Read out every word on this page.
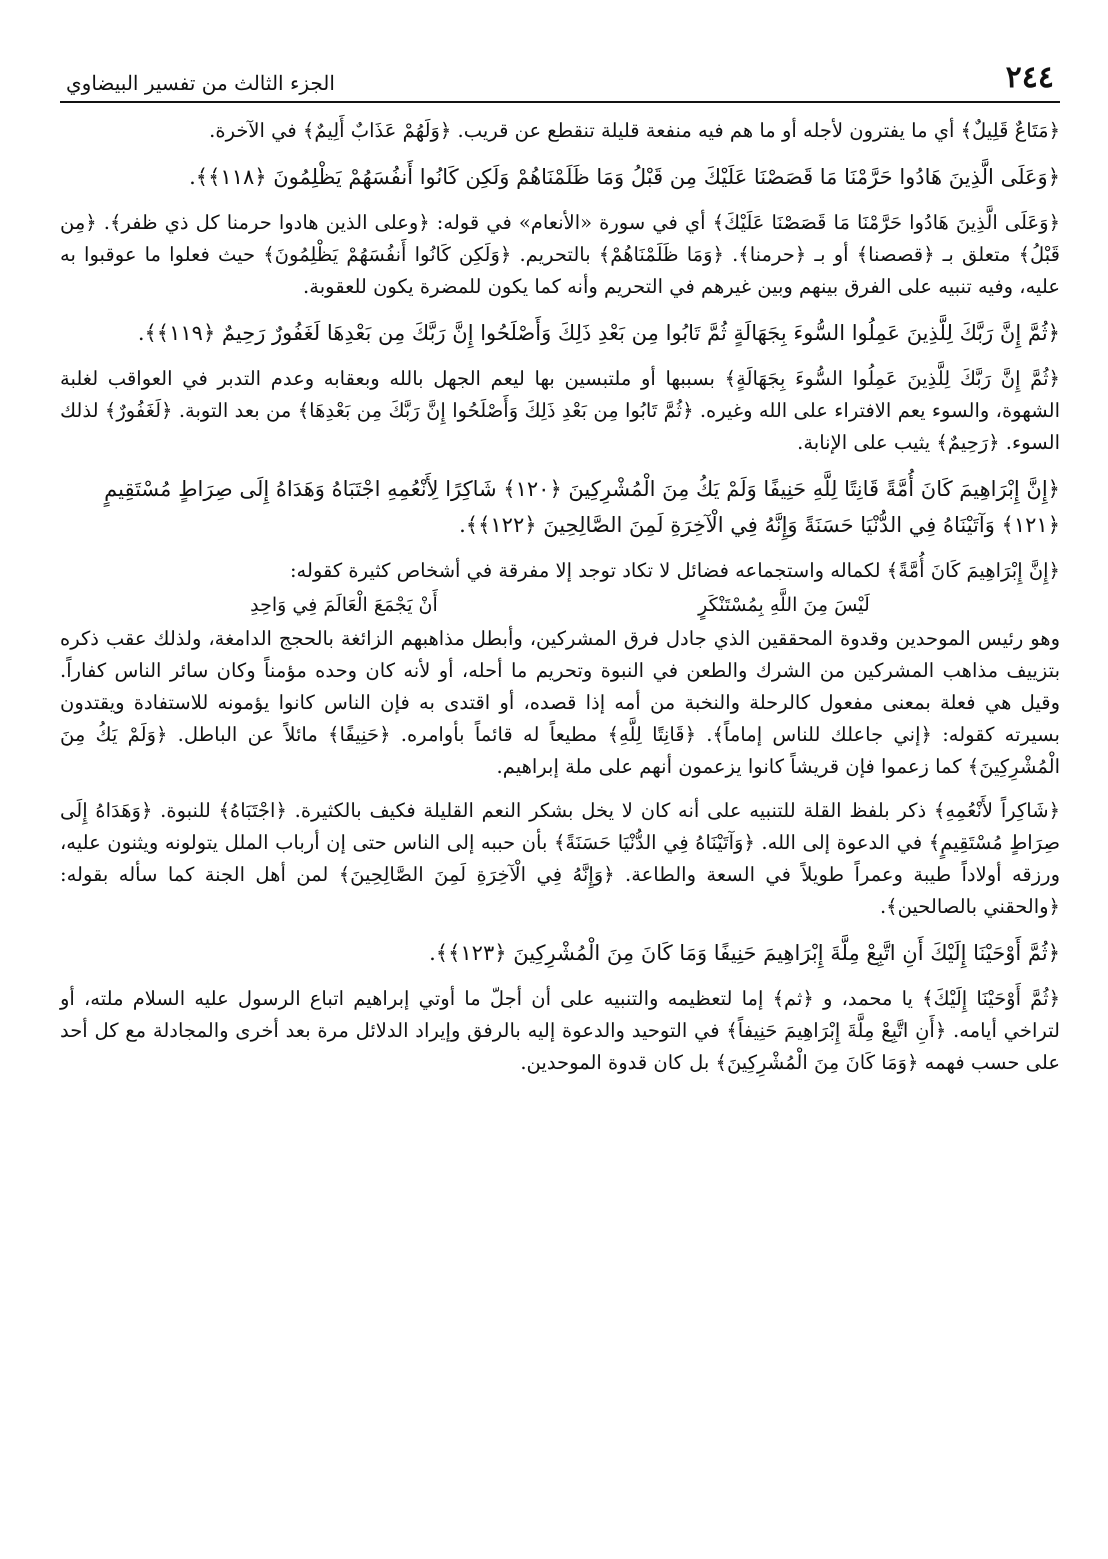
٢٤٤
الجزء الثالث من تفسير البيضاوي

﴿مَتَاعٌ قَلِيلٌ﴾ أي ما يفترون لأجله أو ما هم فيه منفعة قليلة تنقطع عن قريب. ﴿وَلَهُمْ عَذَابٌ أَلِيمٌ﴾ في الآخرة.

﴿وَعَلَى الَّذِينَ هَادُوا حَرَّمْنَا مَا قَصَصْنَا عَلَيْكَ مِن قَبْلُ وَمَا ظَلَمْنَاهُمْ وَلَكِن كَانُوا أَنفُسَهُمْ يَظْلِمُونَ ﴿١١٨﴾﴾.

﴿وَعَلَى الَّذِينَ هَادُوا حَرَّمْنَا مَا قَصَصْنَا عَلَيْكَ﴾ أي في سورة «الأنعام» في قوله: ﴿وعلى الذين هادوا حرمنا كل ذي ظفر﴾. ﴿مِن قَبْلُ﴾ متعلق بـ ﴿قصصنا﴾ أو بـ ﴿حرمنا﴾. ﴿وَمَا ظَلَمْنَاهُمْ﴾ بالتحريم. ﴿وَلَكِن كَانُوا أَنفُسَهُمْ يَظْلِمُونَ﴾ حيث فعلوا ما عوقبوا به عليه، وفيه تنبيه على الفرق بينهم وبين غيرهم في التحريم وأنه كما يكون للمضرة يكون للعقوبة.

﴿ثُمَّ إِنَّ رَبَّكَ لِلَّذِينَ عَمِلُوا السُّوءَ بِجَهَالَةٍ ثُمَّ تَابُوا مِن بَعْدِ ذَلِكَ وَأَصْلَحُوا إِنَّ رَبَّكَ مِن بَعْدِهَا لَغَفُورٌ رَحِيمٌ ﴿١١٩﴾﴾.

﴿ثُمَّ إِنَّ رَبَّكَ لِلَّذِينَ عَمِلُوا السُّوءَ بِجَهَالَةٍ﴾ بسببها أو ملتبسين بها ليعم الجهل بالله وبعقابه وعدم التدبر في العواقب لغلبة الشهوة، والسوء يعم الافتراء على الله وغيره. ﴿ثُمَّ تَابُوا مِن بَعْدِ ذَلِكَ وَأَصْلَحُوا إِنَّ رَبَّكَ مِن بَعْدِهَا﴾ من بعد التوبة. ﴿لَغَفُورٌ﴾ لذلك السوء. ﴿رَحِيمٌ﴾ يثيب على الإنابة.

﴿إِنَّ إِبْرَاهِيمَ كَانَ أُمَّةً قَانِتًا لِلَّهِ حَنِيفًا وَلَمْ يَكُ مِنَ الْمُشْرِكِينَ ﴿١٢٠﴾ شَاكِرًا لِأَنْعُمِهِ اجْتَبَاهُ وَهَدَاهُ إِلَى صِرَاطٍ مُسْتَقِيمٍ ﴿١٢١﴾ وَآتَيْنَاهُ فِي الدُّنْيَا حَسَنَةً وَإِنَّهُ فِي الْآخِرَةِ لَمِنَ الصَّالِحِينَ ﴿١٢٢﴾﴾.

﴿إِنَّ إِبْرَاهِيمَ كَانَ أُمَّةً﴾ لكماله واستجماعه فضائل لا تكاد توجد إلا مفرقة في أشخاص كثيرة كقوله:

لَيْسَ مِنَ اللَّهِ بِمُسْتَنْكَرٍ
أَنْ يَجْمَعَ الْعَالَمَ فِي وَاحِدِ

وهو رئيس الموحدين وقدوة المحققين الذي جادل فرق المشركين، وأبطل مذاهبهم الزائغة بالحجج الدامغة، ولذلك عقب ذكره بتزييف مذاهب المشركين من الشرك والطعن في النبوة وتحريم ما أحله، أو لأنه كان وحده مؤمناً وكان سائر الناس كفاراً. وقيل هي فعلة بمعنى مفعول كالرحلة والنخبة من أمه إذا قصده، أو اقتدى به فإن الناس كانوا يؤمونه للاستفادة ويقتدون بسيرته كقوله: ﴿إني جاعلك للناس إماماً﴾. ﴿قَانِتًا لِلَّهِ﴾ مطيعاً له قائماً بأوامره. ﴿حَنِيفًا﴾ مائلاً عن الباطل. ﴿وَلَمْ يَكُ مِنَ الْمُشْرِكِينَ﴾ كما زعموا فإن قريشاً كانوا يزعمون أنهم على ملة إبراهيم.

﴿شَاكِراً لأَنْعُمِهِ﴾ ذكر بلفظ القلة للتنبيه على أنه كان لا يخل بشكر النعم القليلة فكيف بالكثيرة. ﴿اجْتَبَاهُ﴾ للنبوة. ﴿وَهَدَاهُ إِلَى صِرَاطٍ مُسْتَقِيمٍ﴾ في الدعوة إلى الله. ﴿وَآتَيْنَاهُ فِي الدُّنْيَا حَسَنَةً﴾ بأن حببه إلى الناس حتى إن أرباب الملل يتولونه ويثنون عليه، ورزقه أولاداً طيبة وعمراً طويلاً في السعة والطاعة. ﴿وَإِنَّهُ فِي الْآخِرَةِ لَمِنَ الصَّالِحِينَ﴾ لمن أهل الجنة كما سأله بقوله: ﴿والحقني بالصالحين﴾.

﴿ثُمَّ أَوْحَيْنَا إِلَيْكَ أَنِ اتَّبِعْ مِلَّةَ إِبْرَاهِيمَ حَنِيفًا وَمَا كَانَ مِنَ الْمُشْرِكِينَ ﴿١٢٣﴾﴾.

﴿ثُمَّ أَوْحَيْنَا إِلَيْكَ﴾ يا محمد، و ﴿ثم﴾ إما لتعظيمه والتنبيه على أن أجلّ ما أوتي إبراهيم اتباع الرسول عليه السلام ملته، أو لتراخي أيامه. ﴿أَنِ اتَّبِعْ مِلَّةَ إِبْرَاهِيمَ حَنِيفاً﴾ في التوحيد والدعوة إليه بالرفق وإيراد الدلائل مرة بعد أخرى والمجادلة مع كل أحد على حسب فهمه ﴿وَمَا كَانَ مِنَ الْمُشْرِكِينَ﴾ بل كان قدوة الموحدين.
